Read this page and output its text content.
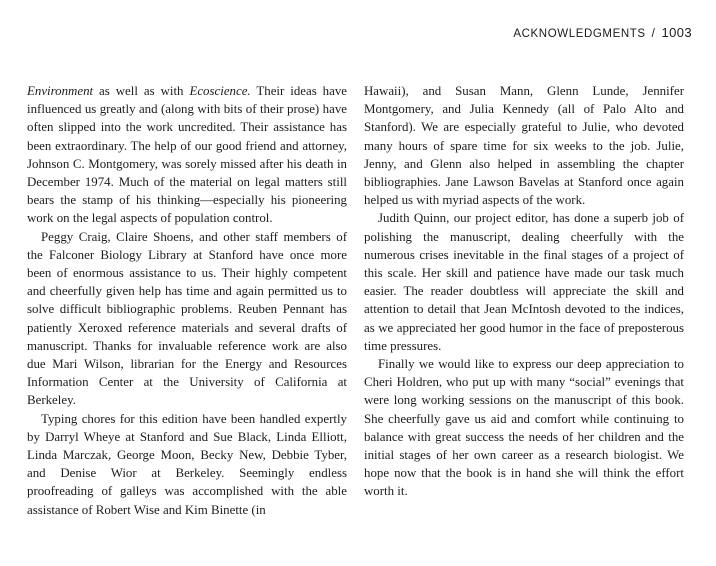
ACKNOWLEDGMENTS / 1003

Environment as well as with Ecoscience. Their ideas have influenced us greatly and (along with bits of their prose) have often slipped into the work uncredited. Their assistance has been extraordinary. The help of our good friend and attorney, Johnson C. Montgomery, was sorely missed after his death in December 1974. Much of the material on legal matters still bears the stamp of his thinking—especially his pioneering work on the legal aspects of population control.

Peggy Craig, Claire Shoens, and other staff members of the Falconer Biology Library at Stanford have once more been of enormous assistance to us. Their highly competent and cheerfully given help has time and again permitted us to solve difficult bibliographic problems. Reuben Pennant has patiently Xeroxed reference materials and several drafts of manuscript. Thanks for invaluable reference work are also due Mari Wilson, librarian for the Energy and Resources Information Center at the University of California at Berkeley.

Typing chores for this edition have been handled expertly by Darryl Wheye at Stanford and Sue Black, Linda Elliott, Linda Marczak, George Moon, Becky New, Debbie Tyber, and Denise Wior at Berkeley. Seemingly endless proofreading of galleys was accomplished with the able assistance of Robert Wise and Kim Binette (in

Hawaii), and Susan Mann, Glenn Lunde, Jennifer Montgomery, and Julia Kennedy (all of Palo Alto and Stanford). We are especially grateful to Julie, who devoted many hours of spare time for six weeks to the job. Julie, Jenny, and Glenn also helped in assembling the chapter bibliographies. Jane Lawson Bavelas at Stanford once again helped us with myriad aspects of the work.

Judith Quinn, our project editor, has done a superb job of polishing the manuscript, dealing cheerfully with the numerous crises inevitable in the final stages of a project of this scale. Her skill and patience have made our task much easier. The reader doubtless will appreciate the skill and attention to detail that Jean McIntosh devoted to the indices, as we appreciated her good humor in the face of preposterous time pressures.

Finally we would like to express our deep appreciation to Cheri Holdren, who put up with many “social” evenings that were long working sessions on the manuscript of this book. She cheerfully gave us aid and comfort while continuing to balance with great success the needs of her children and the initial stages of her own career as a research biologist. We hope now that the book is in hand she will think the effort worth it.
